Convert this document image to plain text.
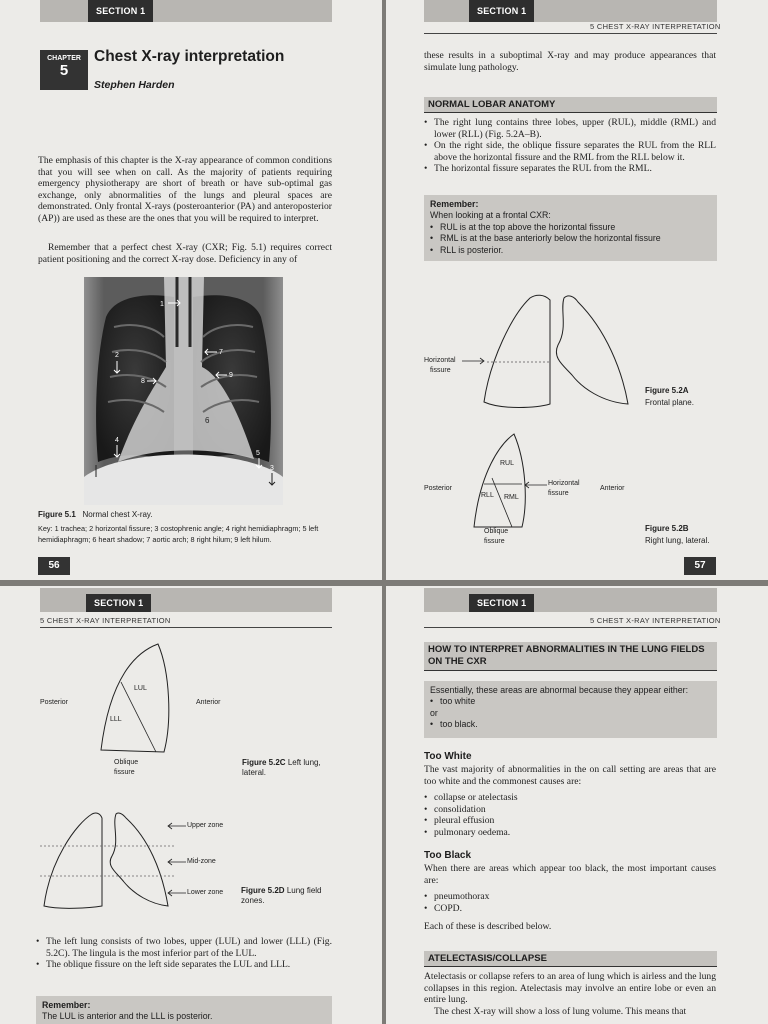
SECTION 1
CHAPTER
5
Chest X-ray interpretation
Stephen Harden
The emphasis of this chapter is the X-ray appearance of common conditions that you will see when on call. As the majority of patients requiring emergency physiotherapy are short of breath or have sub-optimal gas exchange, only abnormalities of the lungs and pleural spaces are demonstrated. Only frontal X-rays (posteroanterior (PA) and anteroposterior (AP)) are used as these are the ones that you will be required to interpret.
Remember that a perfect chest X-ray (CXR; Fig. 5.1) requires correct patient positioning and the correct X-ray dose. Deficiency in any of
1
2	7
8
9
6
4
5
3
Figure 5.1 Normal chest X-ray.
Key: 1 trachea; 2 horizontal fissure; 3 costophrenic angle; 4 right hemidiaphragm; 5 left hemidiaphragm; 6 heart shadow; 7 aortic arch; 8 right hilum; 9 left hilum.
56
SECTION 1
5 CHEST X-RAY INTERPRETATION
these results in a suboptimal X-ray and may produce appearances that simulate lung pathology.
NORMAL LOBAR ANATOMY
• The right lung contains three lobes, upper (RUL), middle (RML) and lower (RLL) (Fig. 5.2A–B).
• On the right side, the oblique fissure separates the RUL from the RLL above the horizontal fissure and the RML from the RLL below it.
• The horizontal fissure separates the RUL from the RML.
Remember:
When looking at a frontal CXR:
• RUL is at the top above the horizontal fissure
• RML is at the base anteriorly below the horizontal fissure
• RLL is posterior.
Horizontal
fissure
Figure 5.2A
Frontal plane.
RUL
RLL RML
Posterior	Anterior
Horizontal
fissure
Oblique
fissure
Figure 5.2B
Right lung, lateral.
57
SECTION 1
5 CHEST X-RAY INTERPRETATION
LUL
LLL
Posterior	Anterior
Oblique
fissure
Figure 5.2C Left lung, lateral.
Upper zone
Mid-zone
Lower zone Figure 5.2D Lung field zones.
• The left lung consists of two lobes, upper (LUL) and lower (LLL) (Fig. 5.2C). The lingula is the most inferior part of the LUL.
• The oblique fissure on the left side separates the LUL and LLL.
Remember:
The LUL is anterior and the LLL is posterior.
SECTION 1
5 CHEST X-RAY INTERPRETATION
HOW TO INTERPRET ABNORMALITIES IN THE LUNG FIELDS ON THE CXR
Essentially, these areas are abnormal because they appear either:
• too white
or
• too black.
Too White
The vast majority of abnormalities in the on call setting are areas that are too white and the commonest causes are:
• collapse or atelectasis
• consolidation
• pleural effusion
• pulmonary oedema.
Too Black
When there are areas which appear too black, the most important causes are:
• pneumothorax
• COPD.
Each of these is described below.
ATELECTASIS/COLLAPSE
Atelectasis or collapse refers to an area of lung which is airless and the lung collapses in this region. Atelectasis may involve an entire lobe or even an entire lung.
The chest X-ray will show a loss of lung volume. This means that
